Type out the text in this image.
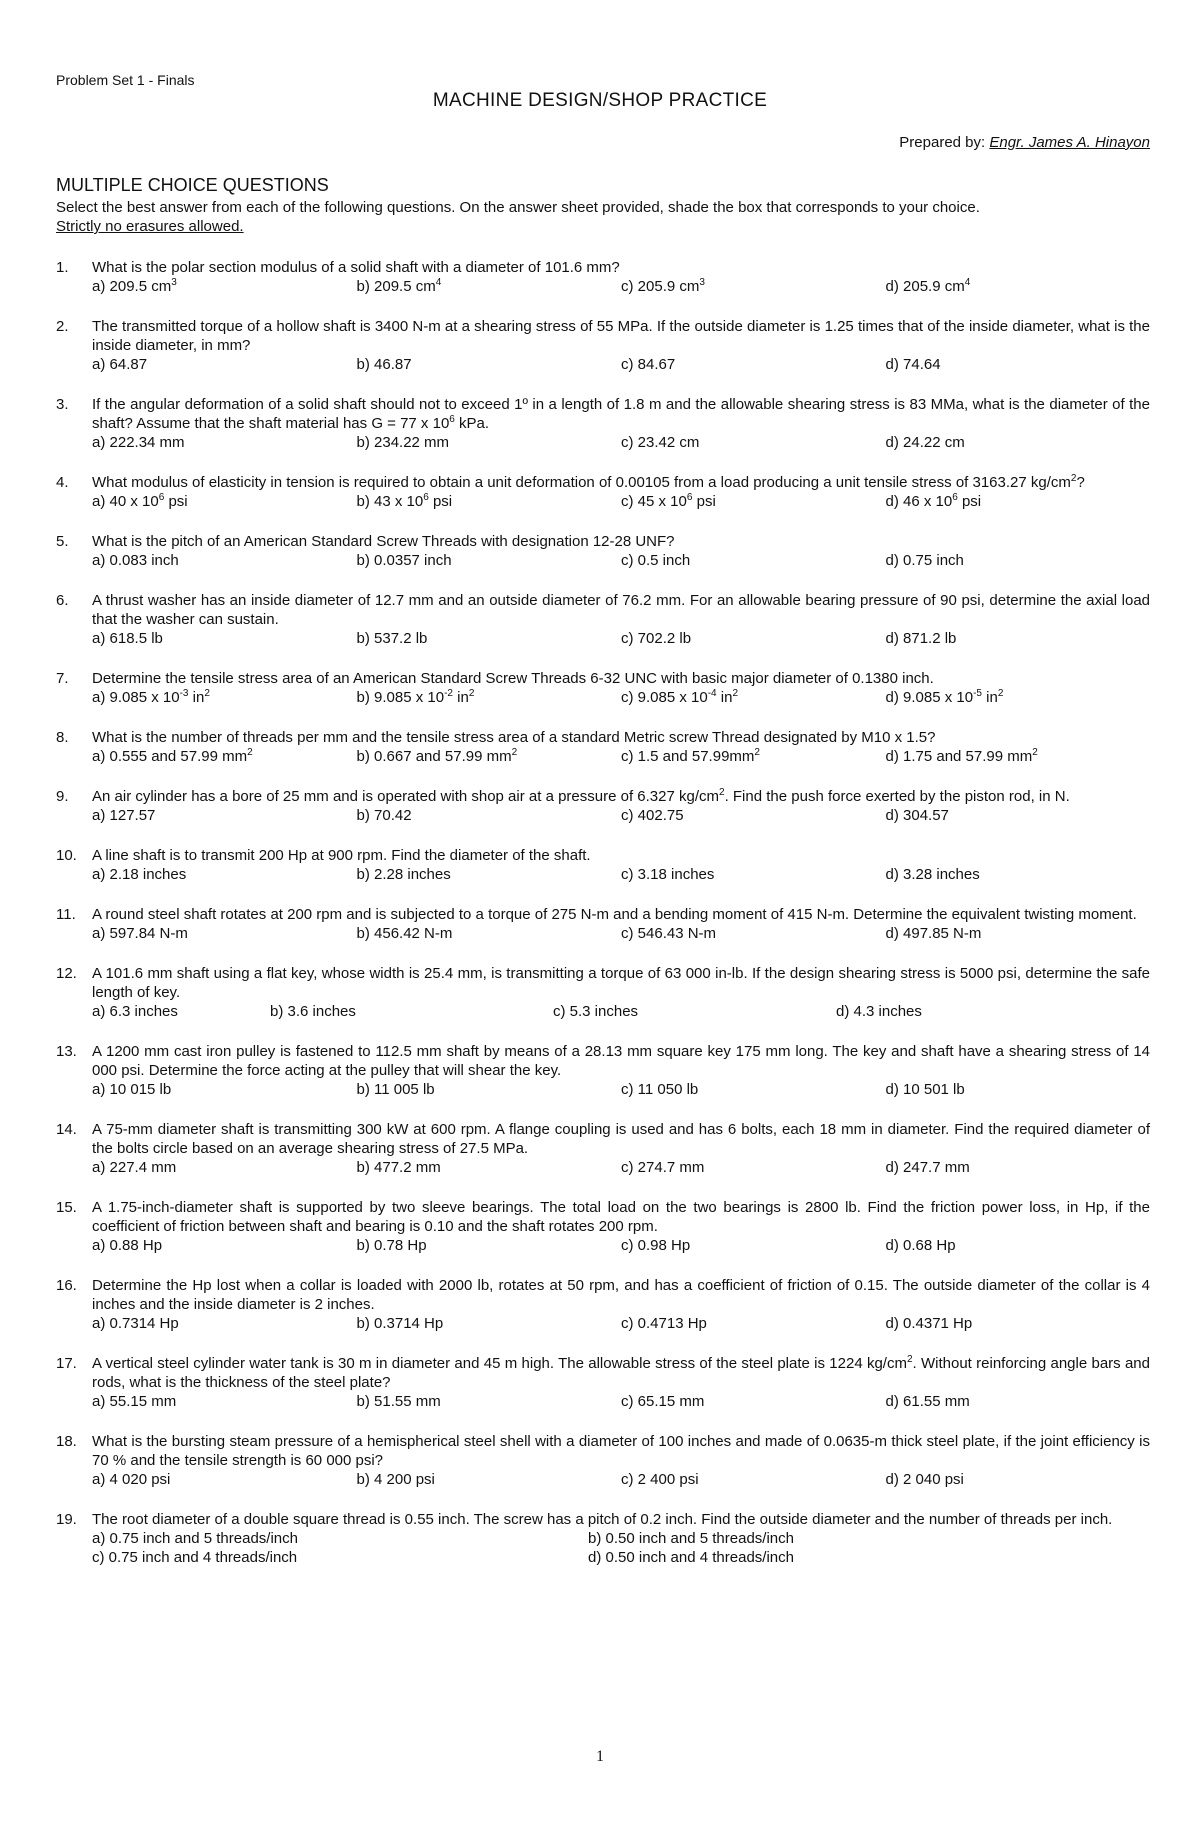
Problem Set 1 - Finals
MACHINE DESIGN/SHOP PRACTICE
Prepared by: Engr. James A. Hinayon
MULTIPLE CHOICE QUESTIONS
Select the best answer from each of the following questions. On the answer sheet provided, shade the box that corresponds to your choice.
Strictly no erasures allowed.
1. What is the polar section modulus of a solid shaft with a diameter of 101.6 mm?
a) 209.5 $cm^3$	b) 209.5 $cm^4$	c) 205.9 $cm^3$	d) 205.9 $cm^4$
2. The transmitted torque of a hollow shaft is 3400 N-m at a shearing stress of 55 MPa. If the outside diameter is 1.25 times that of the inside diameter, what is the inside diameter, in mm?
a) 64.87	b) 46.87	c) 84.67	d) 74.64
3. If the angular deformation of a solid shaft should not to exceed 1º in a length of 1.8 m and the allowable shearing stress is 83 MMa, what is the diameter of the shaft? Assume that the shaft material has G = 77 x $10^6$ kPa.
a) 222.34 mm	b) 234.22 mm	c) 23.42 cm	d) 24.22 cm
4. What modulus of elasticity in tension is required to obtain a unit deformation of 0.00105 from a load producing a unit tensile stress of 3163.27 $kg/cm^2$?
a) 40 x $10^6$ psi	b) 43 x $10^6$ psi	c) 45 x $10^6$ psi	d) 46 x $10^6$ psi
5. What is the pitch of an American Standard Screw Threads with designation 12-28 UNF?
a) 0.083 inch	b) 0.0357 inch	c) 0.5 inch	d) 0.75 inch
6. A thrust washer has an inside diameter of 12.7 mm and an outside diameter of 76.2 mm. For an allowable bearing pressure of 90 psi, determine the axial load that the washer can sustain.
a) 618.5 lb	b) 537.2 lb	c) 702.2 lb	d) 871.2 lb
7. Determine the tensile stress area of an American Standard Screw Threads 6-32 UNC with basic major diameter of 0.1380 inch.
a) 9.085 x $10^{-3}$ $in^2$	b) 9.085 x $10^{-2}$ $in^2$	c) 9.085 x $10^{-4}$ $in^2$	d) 9.085 x $10^{-5}$ $in^2$
8. What is the number of threads per mm and the tensile stress area of a standard Metric screw Thread designated by M10 x 1.5?
a) 0.555 and 57.99 $mm^2$	b) 0.667 and 57.99 $mm^2$	c) 1.5 and $57.99mm^2$	d) 1.75 and 57.99 $mm^2$
9. An air cylinder has a bore of 25 mm and is operated with shop air at a pressure of 6.327 $kg/cm^2$. Find the push force exerted by the piston rod, in N.
a) 127.57	b) 70.42	c) 402.75	d) 304.57
10. A line shaft is to transmit 200 Hp at 900 rpm. Find the diameter of the shaft.
a) 2.18 inches	b) 2.28 inches	c) 3.18 inches	d) 3.28 inches
11. A round steel shaft rotates at 200 rpm and is subjected to a torque of 275 N-m and a bending moment of 415 N-m. Determine the equivalent twisting moment.
a) 597.84 N-m	b) 456.42 N-m	c) 546.43 N-m	d) 497.85 N-m
12. A 101.6 mm shaft using a flat key, whose width is 25.4 mm, is transmitting a torque of 63 000 in-lb. If the design shearing stress is 5000 psi, determine the safe length of key.
a) 6.3 inches	b) 3.6 inches	c) 5.3 inches	d) 4.3 inches
13. A 1200 mm cast iron pulley is fastened to 112.5 mm shaft by means of a 28.13 mm square key 175 mm long. The key and shaft have a shearing stress of 14 000 psi. Determine the force acting at the pulley that will shear the key.
a) 10 015 lb	b) 11 005 lb	c) 11 050 lb	d) 10 501 lb
14. A 75-mm diameter shaft is transmitting 300 kW at 600 rpm. A flange coupling is used and has 6 bolts, each 18 mm in diameter. Find the required diameter of the bolts circle based on an average shearing stress of 27.5 MPa.
a) 227.4 mm	b) 477.2 mm	c) 274.7 mm	d) 247.7 mm
15. A 1.75-inch-diameter shaft is supported by two sleeve bearings. The total load on the two bearings is 2800 lb. Find the friction power loss, in Hp, if the coefficient of friction between shaft and bearing is 0.10 and the shaft rotates 200 rpm.
a) 0.88 Hp	b) 0.78 Hp	c) 0.98 Hp	d) 0.68 Hp
16. Determine the Hp lost when a collar is loaded with 2000 lb, rotates at 50 rpm, and has a coefficient of friction of 0.15. The outside diameter of the collar is 4 inches and the inside diameter is 2 inches.
a) 0.7314 Hp	b) 0.3714 Hp	c) 0.4713 Hp	d) 0.4371 Hp
17. A vertical steel cylinder water tank is 30 m in diameter and 45 m high. The allowable stress of the steel plate is 1224 $kg/cm^2$. Without reinforcing angle bars and rods, what is the thickness of the steel plate?
a) 55.15 mm	b) 51.55 mm	c) 65.15 mm	d) 61.55 mm
18. What is the bursting steam pressure of a hemispherical steel shell with a diameter of 100 inches and made of 0.0635-m thick steel plate, if the joint efficiency is 70 % and the tensile strength is 60 000 psi?
a) 4 020 psi	b) 4 200 psi	c) 2 400 psi	d) 2 040 psi
19. The root diameter of a double square thread is 0.55 inch. The screw has a pitch of 0.2 inch. Find the outside diameter and the number of threads per inch.
a) 0.75 inch and 5 threads/inch	b) 0.50 inch and 5 threads/inch
c) 0.75 inch and 4 threads/inch	d) 0.50 inch and 4 threads/inch
1
